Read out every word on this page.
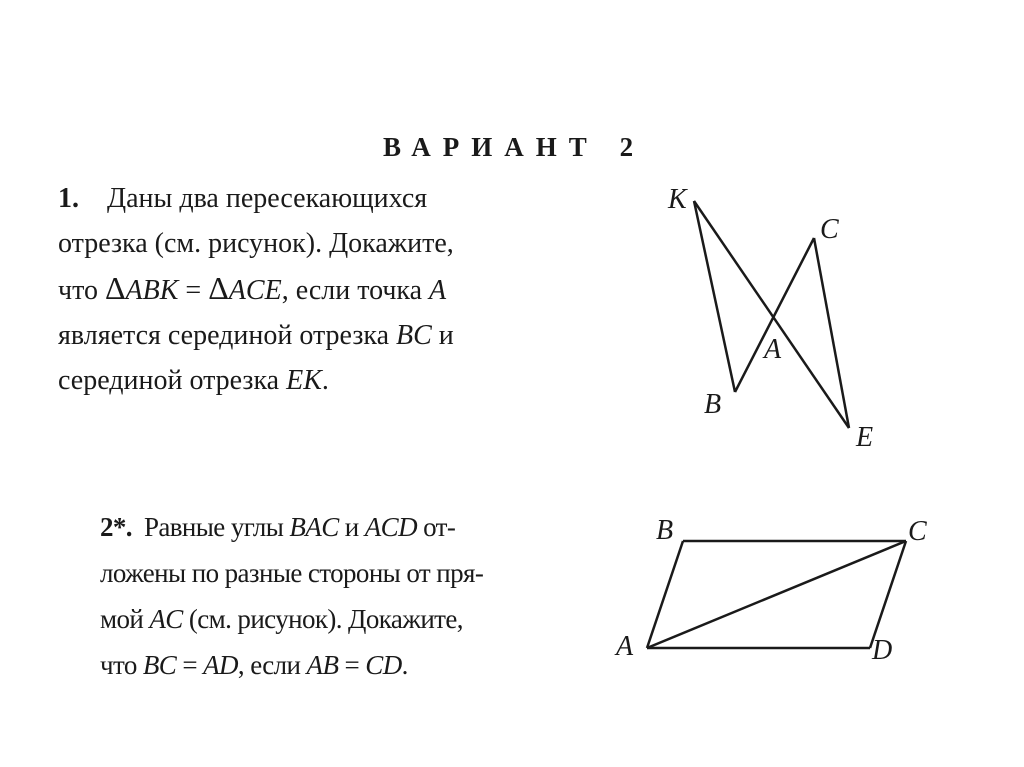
ВАРИАНТ 2
1. Даны два пересекающихся
отрезка (см. рисунок). Докажите,
что ΔABK = ΔACE, если точка A
является серединой отрезка BC и
серединой отрезка EK.
K
C
A
B
E
2*. Равные углы BAC и ACD от-
ложены по разные стороны от пря-
мой AC (см. рисунок). Докажите,
что BC = AD, если AB = CD.
B	C
A	D
